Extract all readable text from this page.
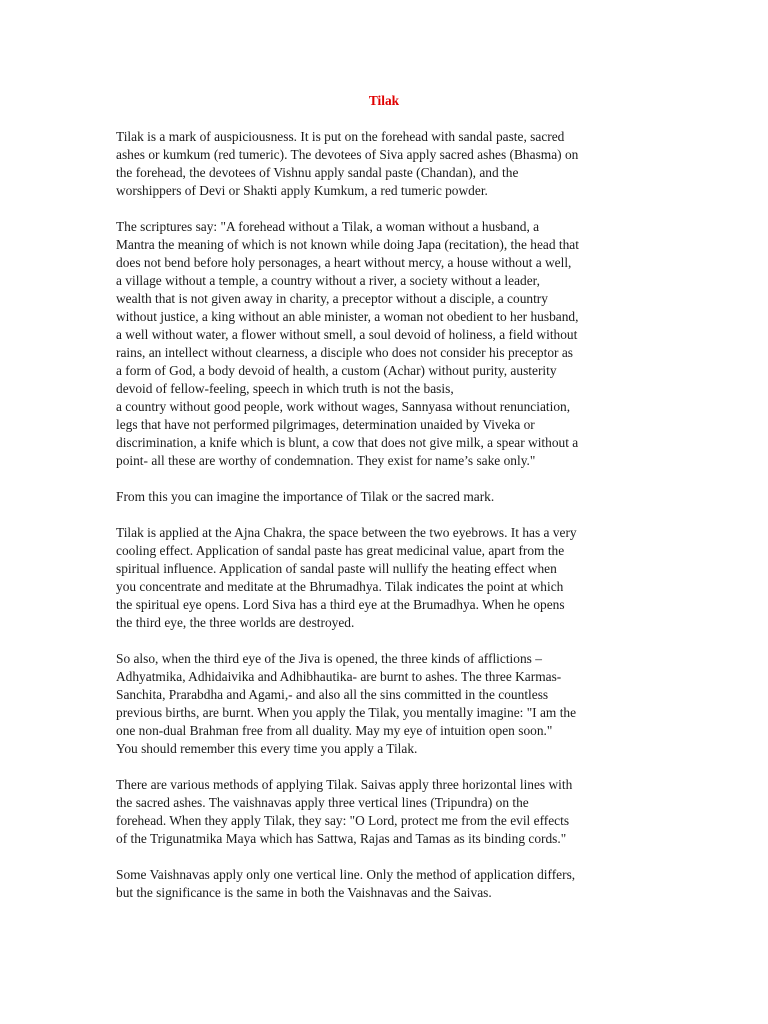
Tilak
Tilak is a mark of auspiciousness. It is put on the forehead with sandal paste, sacred
ashes or kumkum (red tumeric). The devotees of Siva apply sacred ashes (Bhasma) on
the forehead, the devotees of Vishnu apply sandal paste (Chandan), and the
worshippers of Devi or Shakti apply Kumkum, a red tumeric powder.
The scriptures say: "A forehead without a Tilak, a woman without a husband, a
Mantra the meaning of which is not known while doing Japa (recitation), the head that
does not bend before holy personages, a heart without mercy, a house without a well,
a village without a temple, a country without a river, a society without a leader,
wealth that is not given away in charity, a preceptor without a disciple, a country
without justice, a king without an able minister, a woman not obedient to her husband,
a well without water, a flower without smell, a soul devoid of holiness, a field without
rains, an intellect without clearness, a disciple who does not consider his preceptor as
a form of God, a body devoid of health, a custom (Achar) without purity, austerity
devoid of fellow-feeling, speech in which truth is not the basis,
a country without good people, work without wages, Sannyasa without renunciation,
legs that have not performed pilgrimages, determination unaided by Viveka or
discrimination, a knife which is blunt, a cow that does not give milk, a spear without a
point- all these are worthy of condemnation. They exist for name’s sake only."
From this you can imagine the importance of Tilak or the sacred mark.
Tilak is applied at the Ajna Chakra, the space between the two eyebrows. It has a very
cooling effect. Application of sandal paste has great medicinal value, apart from the
spiritual influence. Application of sandal paste will nullify the heating effect when
you concentrate and meditate at the Bhrumadhya. Tilak indicates the point at which
the spiritual eye opens. Lord Siva has a third eye at the Brumadhya. When he opens
the third eye, the three worlds are destroyed.
So also, when the third eye of the Jiva is opened, the three kinds of afflictions –
Adhyatmika, Adhidaivika and Adhibhautika- are burnt to ashes. The three Karmas-
Sanchita, Prarabdha and Agami,- and also all the sins committed in the countless
previous births, are burnt. When you apply the Tilak, you mentally imagine: "I am the
one non-dual Brahman free from all duality. May my eye of intuition open soon."
You should remember this every time you apply a Tilak.
There are various methods of applying Tilak. Saivas apply three horizontal lines with
the sacred ashes. The vaishnavas apply three vertical lines (Tripundra) on the
forehead. When they apply Tilak, they say: "O Lord, protect me from the evil effects
of the Trigunatmika Maya which has Sattwa, Rajas and Tamas as its binding cords."
Some Vaishnavas apply only one vertical line. Only the method of application differs,
but the significance is the same in both the Vaishnavas and the Saivas.
